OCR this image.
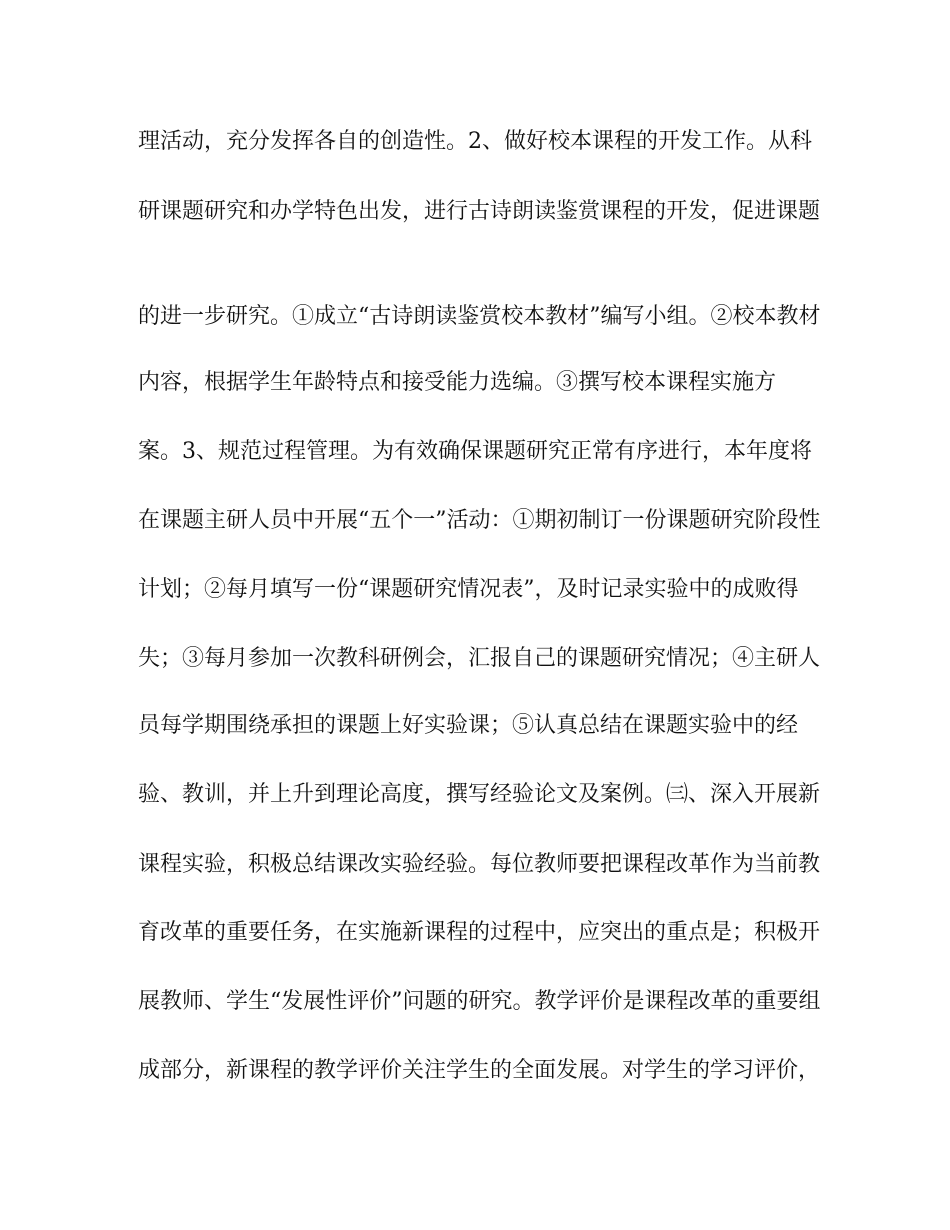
理活动，充分发挥各自的创造性。2、做好校本课程的开发工作。从科
研课题研究和办学特色出发，进行古诗朗读鉴赏课程的开发，促进课题
的进一步研究。①成立“古诗朗读鉴赏校本教材”编写小组。②校本教材
内容，根据学生年龄特点和接受能力选编。③撰写校本课程实施方
案。3、规范过程管理。为有效确保课题研究正常有序进行，本年度将
在课题主研人员中开展“五个一”活动：①期初制订一份课题研究阶段性
计划；②每月填写一份“课题研究情况表”，及时记录实验中的成败得
失；③每月参加一次教科研例会，汇报自己的课题研究情况；④主研人
员每学期围绕承担的课题上好实验课；⑤认真总结在课题实验中的经
验、教训，并上升到理论高度，撰写经验论文及案例。㈢、深入开展新
课程实验，积极总结课改实验经验。每位教师要把课程改革作为当前教
育改革的重要任务，在实施新课程的过程中，应突出的重点是；积极开
展教师、学生“发展性评价”问题的研究。教学评价是课程改革的重要组
成部分，新课程的教学评价关注学生的全面发展。对学生的学习评价，
